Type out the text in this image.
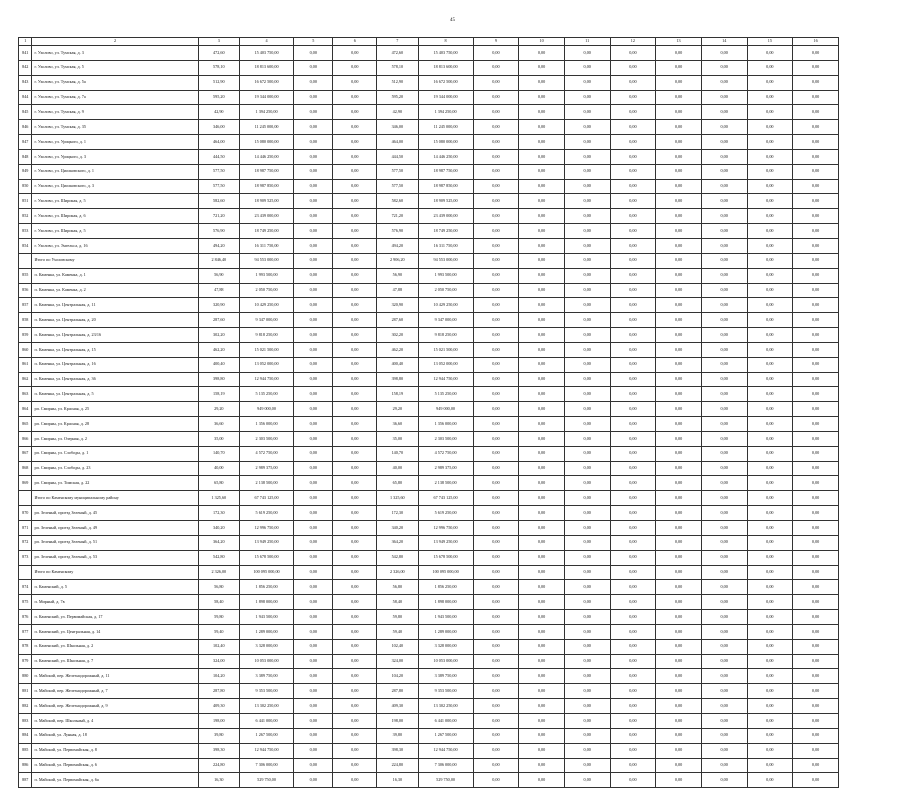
45
1	2	3	4	5	6	7	8	9	10	11	12	13	14	15	16
841	г. Ухолово, ул. Тумская, д. 3	472,60	15 403 750,00	0,00	0,00	472,60	15 403 750,00	0,00	0,00	0,00	0,00	0,00	0,00	0,00	0,00
842	г. Ухолово, ул. Тумская, д. 5	578,10	18 813 600,00	0,00	0,00	578,10	18 813 600,00	0,00	0,00	0,00	0,00	0,00	0,00	0,00	0,00
843	г. Ухолово, ул. Тумская, д. 5а	512,90	16 672 500,00	0,00	0,00	512,90	16 672 500,00	0,00	0,00	0,00	0,00	0,00	0,00	0,00	0,00
844	г. Ухолово, ул. Тумская, д. 7а	595,20	19 344 000,00	0,00	0,00	595,20	19 344 000,00	0,00	0,00	0,00	0,00	0,00	0,00	0,00	0,00
845	г. Ухолово, ул. Тумская, д. 9	42,90	1 394 250,00	0,00	0,00	42,90	1 394 250,00	0,00	0,00	0,00	0,00	0,00	0,00	0,00	0,00
846	г. Ухолово, ул. Тумская, д. 35	346,00	11 245 000,00	0,00	0,00	346,00	11 245 000,00	0,00	0,00	0,00	0,00	0,00	0,00	0,00	0,00
847	г. Ухолово, ул. Урицкого, д. 1	464,00	15 080 000,00	0,00	0,00	464,00	15 080 000,00	0,00	0,00	0,00	0,00	0,00	0,00	0,00	0,00
848	г. Ухолово, ул. Урицкого, д. 3	444,50	14 446 250,00	0,00	0,00	444,50	14 446 250,00	0,00	0,00	0,00	0,00	0,00	0,00	0,00	0,00
849	г. Ухолово, ул. Циолковского, д. 1	577,50	18 987 750,00	0,00	0,00	577,50	18 987 750,00	0,00	0,00	0,00	0,00	0,00	0,00	0,00	0,00
850	г. Ухолово, ул. Циолковского, д. 3	577,50	18 987 850,00	0,00	0,00	577,50	18 987 850,00	0,00	0,00	0,00	0,00	0,00	0,00	0,00	0,00
851	г. Ухолово, ул. Широкая, д. 5	582,60	18 909 525,00	0,00	0,00	582,60	18 909 525,00	0,00	0,00	0,00	0,00	0,00	0,00	0,00	0,00
852	г. Ухолово, ул. Широкая, д. 6	721,20	23 439 000,00	0,00	0,00	721,20	23 439 000,00	0,00	0,00	0,00	0,00	0,00	0,00	0,00	0,00
853	г. Ухолово, ул. Широкая, д. 5	576,90	18 749 250,00	0,00	0,00	576,90	18 749 250,00	0,00	0,00	0,00	0,00	0,00	0,00	0,00	0,00
854	г. Ухолово, ул. Энгельса, д. 16	494,20	16 311 750,00	0,00	0,00	494,20	16 311 750,00	0,00	0,00	0,00	0,00	0,00	0,00	0,00	0,00
	Итого по Ухоловскому	2 846,40	94 553 000,00	0,00	0,00	2 906,20	94 553 000,00	0,00	0,00	0,00	0,00	0,00	0,00	0,00	0,00
855	п. Каменка, ул. Каменка, д. 1	56,90	1 993 500,00	0,00	0,00	56,90	1 993 500,00	0,00	0,00	0,00	0,00	0,00	0,00	0,00	0,00
856	п. Каменка, ул. Каменка, д. 2	47,88	2 050 750,00	0,00	0,00	47,88	2 050 750,00	0,00	0,00	0,00	0,00	0,00	0,00	0,00	0,00
857	п. Каменка, ул. Центральная, д. 11	320,90	10 429 250,00	0,00	0,00	320,90	10 429 250,00	0,00	0,00	0,00	0,00	0,00	0,00	0,00	0,00
858	п. Каменка, ул. Центральная, д. 20	287,60	9 347 000,00	0,00	0,00	287,60	9 347 000,00	0,00	0,00	0,00	0,00	0,00	0,00	0,00	0,00
859	п. Каменка, ул. Центральная, д. 23/16	302,20	9 818 250,00	0,00	0,00	302,20	9 818 250,00	0,00	0,00	0,00	0,00	0,00	0,00	0,00	0,00
860	п. Каменка, ул. Центральная, д. 15	462,20	15 021 500,00	0,00	0,00	462,20	15 021 500,00	0,00	0,00	0,00	0,00	0,00	0,00	0,00	0,00
861	п. Каменка, ул. Центральная, д. 16	400,40	13 052 000,00	0,00	0,00	400,40	13 052 000,00	0,00	0,00	0,00	0,00	0,00	0,00	0,00	0,00
862	п. Каменка, ул. Центральная, д. 36	398,80	12 944 750,00	0,00	0,00	398,80	12 944 750,00	0,00	0,00	0,00	0,00	0,00	0,00	0,00	0,00
863	п. Каменка, ул. Центральная, д. 5	158,19	5 135 250,00	0,00	0,00	158,19	5 135 250,00	0,00	0,00	0,00	0,00	0,00	0,00	0,00	0,00
864	рп. Смирны, ул. Красная, д. 25	29,20	949 000,00	0,00	0,00	29,20	949 000,00	0,00	0,00	0,00	0,00	0,00	0,00	0,00	0,00
865	рп. Смирны, ул. Красная, д. 28	36,60	1 356 000,00	0,00	0,00	36,60	1 356 000,00	0,00	0,00	0,00	0,00	0,00	0,00	0,00	0,00
866	рп. Смирны, ул. Озерная, д. 2	35,00	2 303 500,00	0,00	0,00	35,00	2 303 500,00	0,00	0,00	0,00	0,00	0,00	0,00	0,00	0,00
867	рп. Смирны, ул. Слободы, д. 1	140,70	4 572 750,00	0,00	0,00	140,70	4 572 750,00	0,00	0,00	0,00	0,00	0,00	0,00	0,00	0,00
868	рп. Смирны, ул. Слободы, д. 23	40,00	2 989 375,00	0,00	0,00	40,00	2 989 375,00	0,00	0,00	0,00	0,00	0,00	0,00	0,00	0,00
869	рп. Смирны, ул. Тимская, д. 22	65,80	2 138 500,00	0,00	0,00	65,80	2 138 500,00	0,00	0,00	0,00	0,00	0,00	0,00	0,00	0,00
	Итого по Каменскому муниципальному району	1 325,60	67 743 125,00	0,00	0,00	1 325,60	67 743 125,00	0,00	0,00	0,00	0,00	0,00	0,00	0,00	0,00
870	рп. Зеленый, проезд Зеленый, д. 45	172,30	5 619 250,00	0,00	0,00	172,30	5 619 250,00	0,00	0,00	0,00	0,00	0,00	0,00	0,00	0,00
871	рп. Зеленый, проезд Зеленый, д. 49	340,20	12 996 750,00	0,00	0,00	340,20	12 996 750,00	0,00	0,00	0,00	0,00	0,00	0,00	0,00	0,00
872	рп. Зеленый, проезд Зеленый, д. 51	364,20	13 949 250,00	0,00	0,00	364,20	13 949 250,00	0,00	0,00	0,00	0,00	0,00	0,00	0,00	0,00
873	рп. Зеленый, проезд Зеленый, д. 53	542,80	15 678 500,00	0,00	0,00	542,80	15 678 500,00	0,00	0,00	0,00	0,00	0,00	0,00	0,00	0,00
	Итого по Каменскому	2 326,00	100 095 000,00	0,00	0,00	2 326,00	100 095 000,00	0,00	0,00	0,00	0,00	0,00	0,00	0,00	0,00
874	п. Каменский, д. 5	56,80	1 856 250,00	0,00	0,00	56,80	1 856 250,00	0,00	0,00	0,00	0,00	0,00	0,00	0,00	0,00
875	п. Мирный, д. 7в	58,40	1 898 000,00	0,00	0,00	58,40	1 898 000,00	0,00	0,00	0,00	0,00	0,00	0,00	0,00	0,00
876	п. Каменский, ул. Первомайская, д. 17	59,80	1 943 500,00	0,00	0,00	59,80	1 943 500,00	0,00	0,00	0,00	0,00	0,00	0,00	0,00	0,00
877	п. Каменский, ул. Центральная, д. 14	59,40	1 289 000,00	0,00	0,00	59,40	1 289 000,00	0,00	0,00	0,00	0,00	0,00	0,00	0,00	0,00
878	п. Каменский, ул. Школьная, д. 2	102,40	3 328 000,00	0,00	0,00	102,40	3 328 000,00	0,00	0,00	0,00	0,00	0,00	0,00	0,00	0,00
879	п. Каменский, ул. Школьная, д. 7	324,00	10 053 000,00	0,00	0,00	324,00	10 053 000,00	0,00	0,00	0,00	0,00	0,00	0,00	0,00	0,00
880	п. Майский, пер. Железнодорожный, д. 11	104,20	3 389 750,00	0,00	0,00	104,20	3 389 750,00	0,00	0,00	0,00	0,00	0,00	0,00	0,00	0,00
881	п. Майский, пер. Железнодорожный, д. 7	287,80	9 353 500,00	0,00	0,00	287,80	9 353 500,00	0,00	0,00	0,00	0,00	0,00	0,00	0,00	0,00
882	п. Майский, пер. Железнодорожный, д. 9	409,30	13 302 250,00	0,00	0,00	409,30	13 302 250,00	0,00	0,00	0,00	0,00	0,00	0,00	0,00	0,00
883	п. Майский, пер. Школьный, д. 4	198,00	6 441 000,00	0,00	0,00	198,00	6 441 000,00	0,00	0,00	0,00	0,00	0,00	0,00	0,00	0,00
884	п. Майский, ул. Лунная, д. 18	39,80	1 267 500,00	0,00	0,00	39,80	1 267 500,00	0,00	0,00	0,00	0,00	0,00	0,00	0,00	0,00
885	п. Майский, ул. Первомайская, д. 8	398,30	12 944 750,00	0,00	0,00	398,30	12 944 750,00	0,00	0,00	0,00	0,00	0,00	0,00	0,00	0,00
886	п. Майский, ул. Первомайская, д. 6	224,80	7 306 000,00	0,00	0,00	224,80	7 306 000,00	0,00	0,00	0,00	0,00	0,00	0,00	0,00	0,00
887	п. Майский, ул. Первомайская, д. 6а	16,30	529 750,00	0,00	0,00	16,30	529 750,00	0,00	0,00	0,00	0,00	0,00	0,00	0,00	0,00
